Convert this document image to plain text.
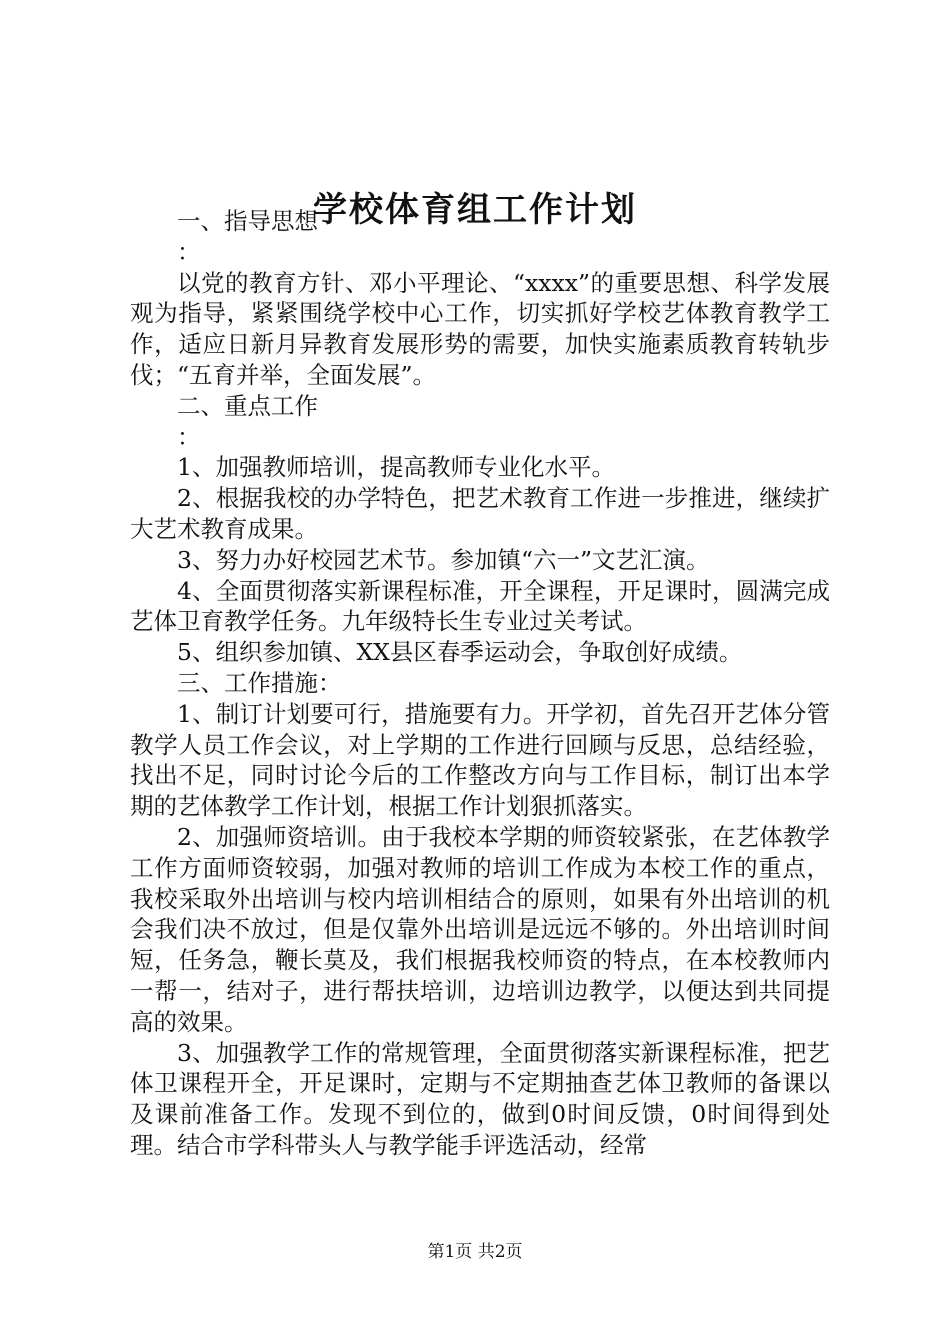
学校体育组工作计划

一、指导思想

：

以党的教育方针、邓小平理论、“xxxx”的重要思想、科学发展观为指导，紧紧围绕学校中心工作，切实抓好学校艺体教育教学工作，适应日新月异教育发展形势的需要，加快实施素质教育转轨步伐；“五育并举，全面发展”。

二、重点工作

：

1、加强教师培训，提高教师专业化水平。

2、根据我校的办学特色，把艺术教育工作进一步推进，继续扩大艺术教育成果。

3、努力办好校园艺术节。参加镇“六一”文艺汇演。

4、全面贯彻落实新课程标准，开全课程，开足课时，圆满完成艺体卫育教学任务。九年级特长生专业过关考试。

5、组织参加镇、XX县区春季运动会，争取创好成绩。

三、工作措施：

1、制订计划要可行，措施要有力。开学初，首先召开艺体分管教学人员工作会议，对上学期的工作进行回顾与反思，总结经验，找出不足，同时讨论今后的工作整改方向与工作目标，制订出本学期的艺体教学工作计划，根据工作计划狠抓落实。

2、加强师资培训。由于我校本学期的师资较紧张，在艺体教学工作方面师资较弱，加强对教师的培训工作成为本校工作的重点，我校采取外出培训与校内培训相结合的原则，如果有外出培训的机会我们决不放过，但是仅靠外出培训是远远不够的。外出培训时间短，任务急，鞭长莫及，我们根据我校师资的特点，在本校教师内一帮一，结对子，进行帮扶培训，边培训边教学，以便达到共同提高的效果。

3、加强教学工作的常规管理，全面贯彻落实新课程标准，把艺体卫课程开全，开足课时，定期与不定期抽查艺体卫教师的备课以及课前准备工作。发现不到位的，做到0时间反馈，0时间得到处理。结合市学科带头人与教学能手评选活动，经常

第1页 共2页
